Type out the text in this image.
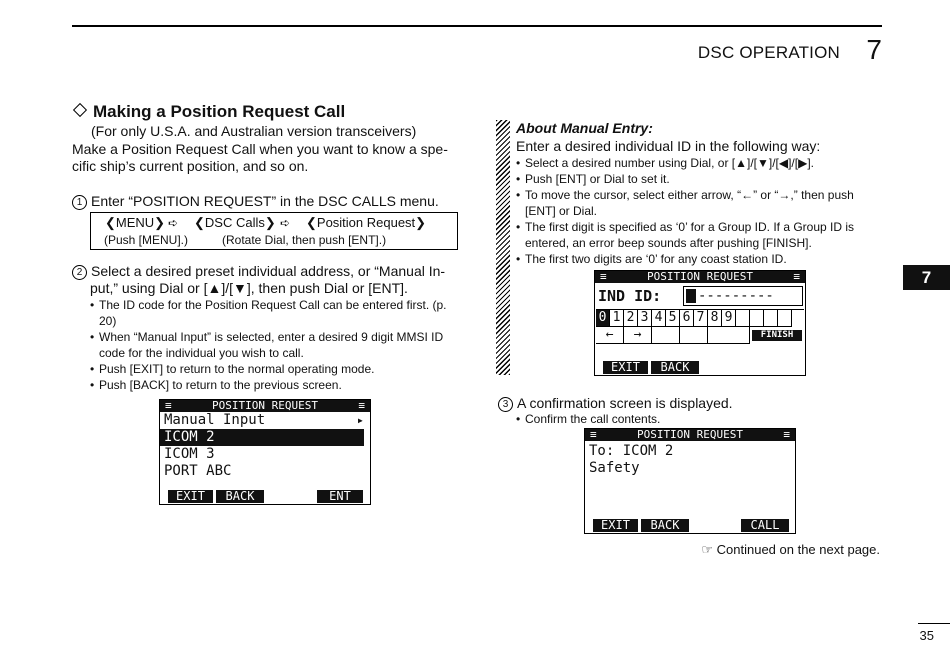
DSC OPERATION 7
7
Making a Position Request Call
(For only U.S.A. and Australian version transceivers)
Make a Position Request Call when you want to know a spe-
cific ship’s current position, and so on.
1 Enter “POSITION REQUEST” in the DSC CALLS menu.
❮MENU❯ ➪ ❮DSC Calls❯ ➪ ❮Position Request❯
(Push [MENU].)	(Rotate Dial, then push [ENT].)
2 Select a desired preset individual address, or “Manual In-
put,” using Dial or [▲]/[▼], then push Dial or [ENT].
• The ID code for the Position Request Call can be entered first. (p.
20)
• When “Manual Input” is selected, enter a desired 9 digit MMSI ID
code for the individual you wish to call.
• Push [EXIT] to return to the normal operating mode.
• Push [BACK] to return to the previous screen.
≡	POSITION REQUEST	≡
Manual Input	▸
ICOM 2
ICOM 3
PORT ABC
EXIT	BACK	ENT
About Manual Entry:
Enter a desired individual ID in the following way:
• Select a desired number using Dial, or [▲]/[▼]/[◀]/[▶].
• Push [ENT] or Dial to set it.
• To move the cursor, select either arrow, “←” or “→,” then push
[ENT] or Dial.
• The first digit is specified as ‘0’ for a Group ID. If a Group ID is
entered, an error beep sounds after pushing [FINISH].
• The first two digits are ‘0’ for any coast station ID.
≡	POSITION REQUEST	≡
IND ID:	---------
0 1 2 3 4 5 6 7 8 9
←	→	FINISH
EXIT	BACK
3 A confirmation screen is displayed.
• Confirm the call contents.
≡	POSITION REQUEST	≡
To: ICOM 2
Safety
EXIT	BACK	CALL
☞ Continued on the next page.
35
